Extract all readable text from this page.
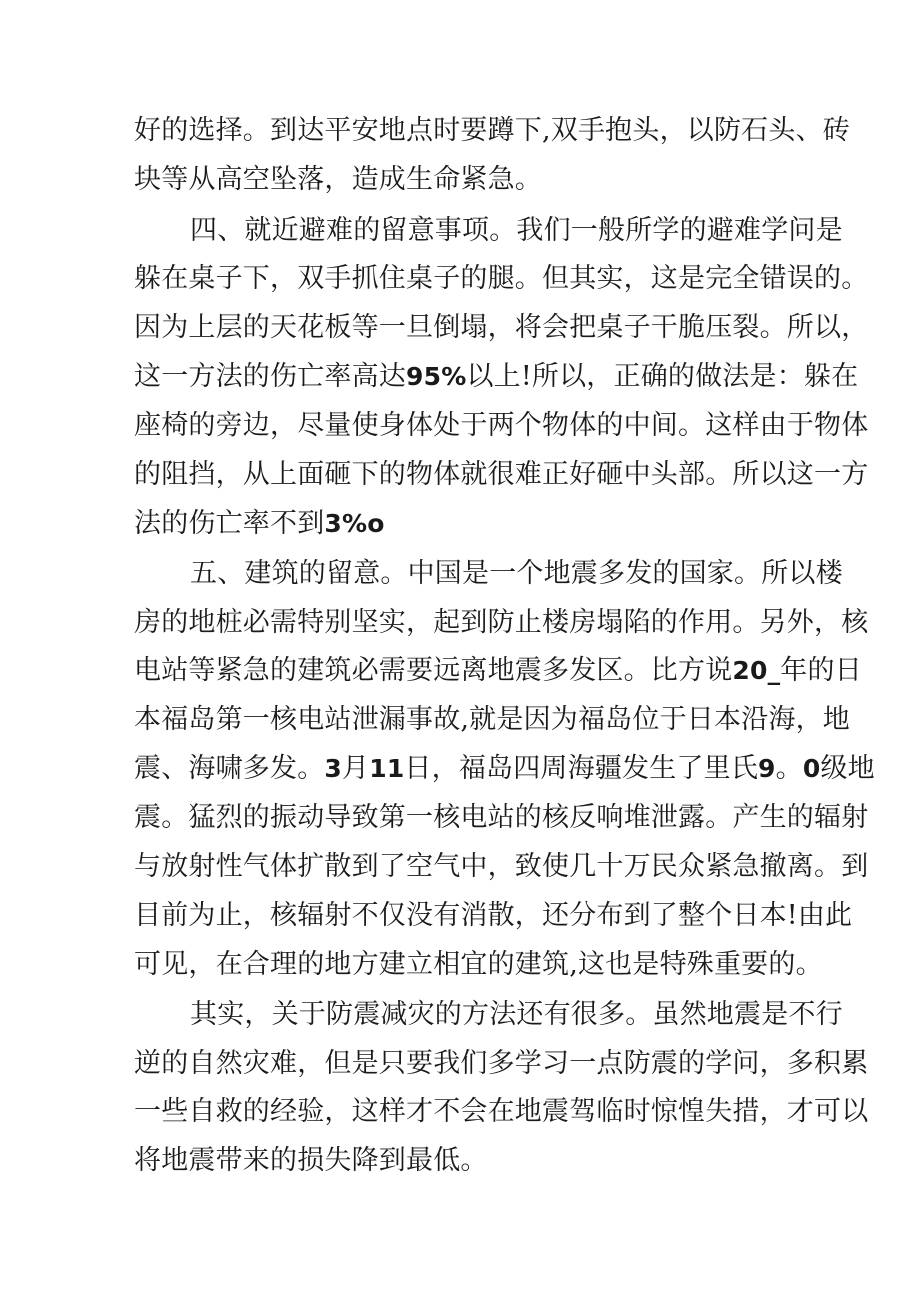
好的选择。到达平安地点时要蹲下,双手抱头，以防石头、砖
块等从高空坠落，造成生命紧急。
四、就近避难的留意事项。我们一般所学的避难学问是
躲在桌子下，双手抓住桌子的腿。但其实，这是完全错误的。
因为上层的天花板等一旦倒塌，将会把桌子干脆压裂。所以，
这一方法的伤亡率高达95%以上!所以，正确的做法是：躲在
座椅的旁边，尽量使身体处于两个物体的中间。这样由于物体
的阻挡，从上面砸下的物体就很难正好砸中头部。所以这一方
法的伤亡率不到3%o
五、建筑的留意。中国是一个地震多发的国家。所以楼
房的地桩必需特别坚实，起到防止楼房塌陷的作用。另外，核
电站等紧急的建筑必需要远离地震多发区。比方说20_年的日
本福岛第一核电站泄漏事故,就是因为福岛位于日本沿海，地
震、海啸多发。3月11日，福岛四周海疆发生了里氏9。0级地
震。猛烈的振动导致第一核电站的核反响堆泄露。产生的辐射
与放射性气体扩散到了空气中，致使几十万民众紧急撤离。到
目前为止，核辐射不仅没有消散，还分布到了整个日本!由此
可见，在合理的地方建立相宜的建筑,这也是特殊重要的。
其实，关于防震减灾的方法还有很多。虽然地震是不行
逆的自然灾难，但是只要我们多学习一点防震的学问，多积累
一些自救的经验，这样才不会在地震驾临时惊惶失措，才可以
将地震带来的损失降到最低。
